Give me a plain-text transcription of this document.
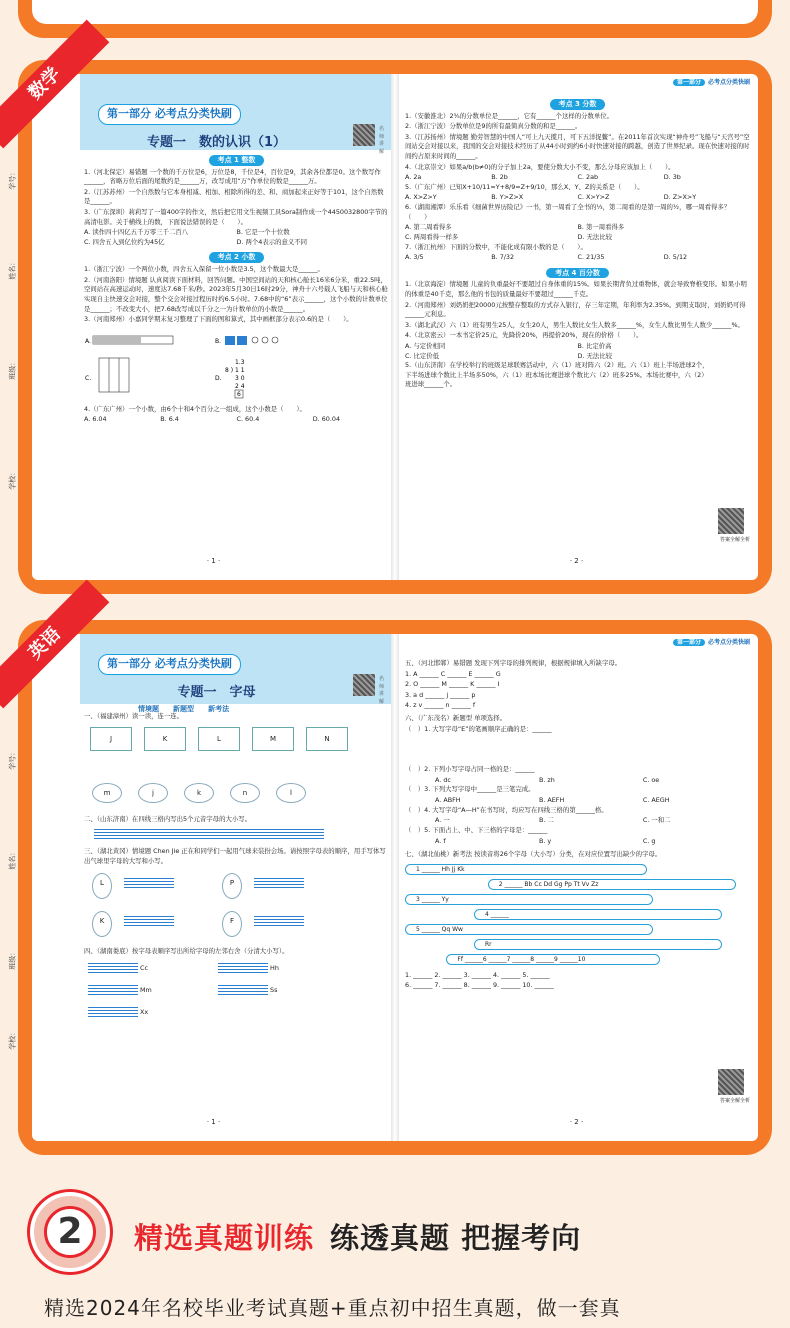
数学
学号：
姓名：
班级：
学校：
第一部分 必考点分类快刷
专题一　数的认识（1）
名师讲解
考点 1 整数
1.（河北保定）易错题 一个数的千万位是6，万位是8，千位是4，百位是9，其余各位都是0。这个数写作______，省略万位后面的尾数约是______万，改写成用“万”作单位的数是______万。
2.（江苏苏州）一个自然数与它本身相减、相加、相除所得的差、和、商加起来正好等于101，这个自然数是______。
3.（广东深圳）莉莉写了一篇400字的作文，然后把它用文生视频工具Sora制作成一个4450032800字节的高清电影。关于横线上的数，下面说法错误的是（　　）。
A. 读作四十四亿五千万零三千二百八	B. 它是一个十位数
C. 四舍五入到亿位约为45亿	D. 两个4表示的意义不同
考点 2 小数
1.（浙江宁波）一个两位小数，四舍五入保留一位小数是3.5，这个数最大是______。
2.（河南洛阳）情境题 认真阅读下面材料，回答问题。中国空间站的天和核心舱长16米6分米，重22.5吨，空间站在高速运动时，速度达7.68千米/秒。2023年5月30日16时29分，神舟十六号载人飞船与天和核心舱实现自主快速交会对接，整个交会对接过程历时约6.5小时。7.68中的“6”表示______，这个小数的计数单位是______；不改变大小，把7.68改写成以千分之一为计数单位的小数是______。
3.（河南郑州）小嘉同学期末复习整理了下面的图和算式，其中画框部分表示0.6的是（　　）。
A.	B.
C.	D.
1.3
8 ) 1 1
3 0
2 4
6
4.（广东广州）一个小数，由6个十和4个百分之一组成，这个小数是（　　）。
A. 6.04	B. 6.4	C. 60.4	D. 60.04
· 1 ·
第一部分 必考点分类快刷
考点 3 分数
1.（安徽淮北）2⅗的分数单位是______，它有______个这样的分数单位。
2.（浙江宁波）分数单位是9的所有最简真分数的和是______。
3.（江苏扬州）情境题 勤劳智慧的中国人“可上九天揽月，可下五洋捉鳖”。在2011年首次实现“神舟号”飞船与“天宫号”空间站交会对接以来，我国的交会对接技术经历了从44小时到约6小时快速对接的跨越，创造了世界纪录。现在快速对接的时间约占原来时间的______。
4.（北京崇文）如果a/b(b≠0)的分子加上2a，要使分数大小不变，那么分母应该加上（　　）。
A. 2a	B. 2b	C. 2ab	D. 3b
5.（广东广州）已知X+10/11=Y+8/9=Z+9/10，那么X、Y、Z的关系是（　　）。
A. X>Z>Y	B. Y>Z>X	C. X>Y>Z	D. Z>X>Y
6.（湖南湘潭）乐乐看《细菌世界历险记》一书，第一周看了全书的⅓，第二周看的是第一周的½，哪一周看得多？（　　）
A. 第二周看得多	B. 第一周看得多
C. 两周看得一样多	D. 无法比较
7.（浙江杭州）下面的分数中，不能化成有限小数的是（　　）。
A. 3/5	B. 7/32	C. 21/35	D. 5/12
考点 4 百分数
1.（北京海淀）情境题 儿童的负重最好不要超过自身体重的15%。如果长期背负过重物体，就会导致脊椎变形。如果小明的体重是40千克，那么他的书包的质量最好不要超过______千克。
2.（河南郑州）刘奶奶把20000元按整存整取的方式存入银行，存三年定期，年利率为2.35%。到期支取时，刘奶奶可得______元利息。
3.（湖北武汉）六（1）班有男生25人，女生20人，男生人数比女生人数多______%，女生人数比男生人数少______%。
4.（北京密云）一本书定价25元，先降价20%，再提价20%，现在的价格（　　）。
A. 与定价相同	B. 比定价高
C. 比定价低	D. 无法比较
5.（山东济南）在学校举行的班级足球联赛活动中，六（1）班对阵六（2）班。六（1）班上半场进球2个，下半场进球个数比上半场多50%，六（1）班本场比赛进球个数比六（2）班多25%。本场比赛中，六（2）班进球______个。
答案全解全析
· 2 ·
英语
学号：
姓名：
班级：
学校：
第一部分 必考点分类快刷
专题一　字母
情境题 新题型 新考法
名师讲解
一、（福建漳州）读一读，连一连。
J	K	L	M	N
m	j	k	n	l
二、（山东济南）在四线三格内写出5个元音字母的大小写。
三、（湖北黄冈）情境题 Chen Jie 正在和同学们一起用气球来装扮会场。请按照字母表的顺序，用手写体写出气球里字母的大写和小写。
L	P
K	F
四、（湖南娄底）按字母表顺序写出所给字母的左邻右舍（分清大小写）。
Cc	Hh
Mm	Ss
Xx
· 1 ·
第一部分 必考点分类快刷
五、（河北邯郸）易错题 发现下列字母的排列规律，根据规律填入所缺字母。
1. A ______ C ______ E ______ G
2. O ______ M ______ K ______ I
3. a d ______ j ______ p
4. z v ______ n ______ f
六、（广东茂名）新题型 单项选择。
（　）1. 大写字母“E”的笔画顺序正确的是：______
（　）2. 下列小写字母占同一格的是：______
A. dc	B. zh	C. oe
（　）3. 下列大写字母中______是三笔完成。
A. ABFH	B. AEFH	C. AEGH
（　）4. 大写字母“A—H”在书写时，均应写在四线三格的第______格。
A. 一	B. 二	C. 一和二
（　）5. 下面占上、中、下三格的字母是：______
A. f	B. y	C. g
七、（湖北仙桃）新考法 按读音将26个字母（大小写）分类，在对应位置写出缺少的字母。
1 ______ Hh Jj Kk
2 ______ Bb Cc Dd Gg Pp Tt Vv Zz
3 ______ Yy
4 ______
5 ______ Qq Ww
Rr
Ff ______6 ______7 ______8 ______9 ______10
1. ______ 2. ______ 3. ______ 4. ______ 5. ______
6. ______ 7. ______ 8. ______ 9. ______ 10. ______
答案全解全析
· 2 ·
2	精选真题训练 练透真题 把握考向
精选2024年名校毕业考试真题+重点初中招生真题，做一套真
